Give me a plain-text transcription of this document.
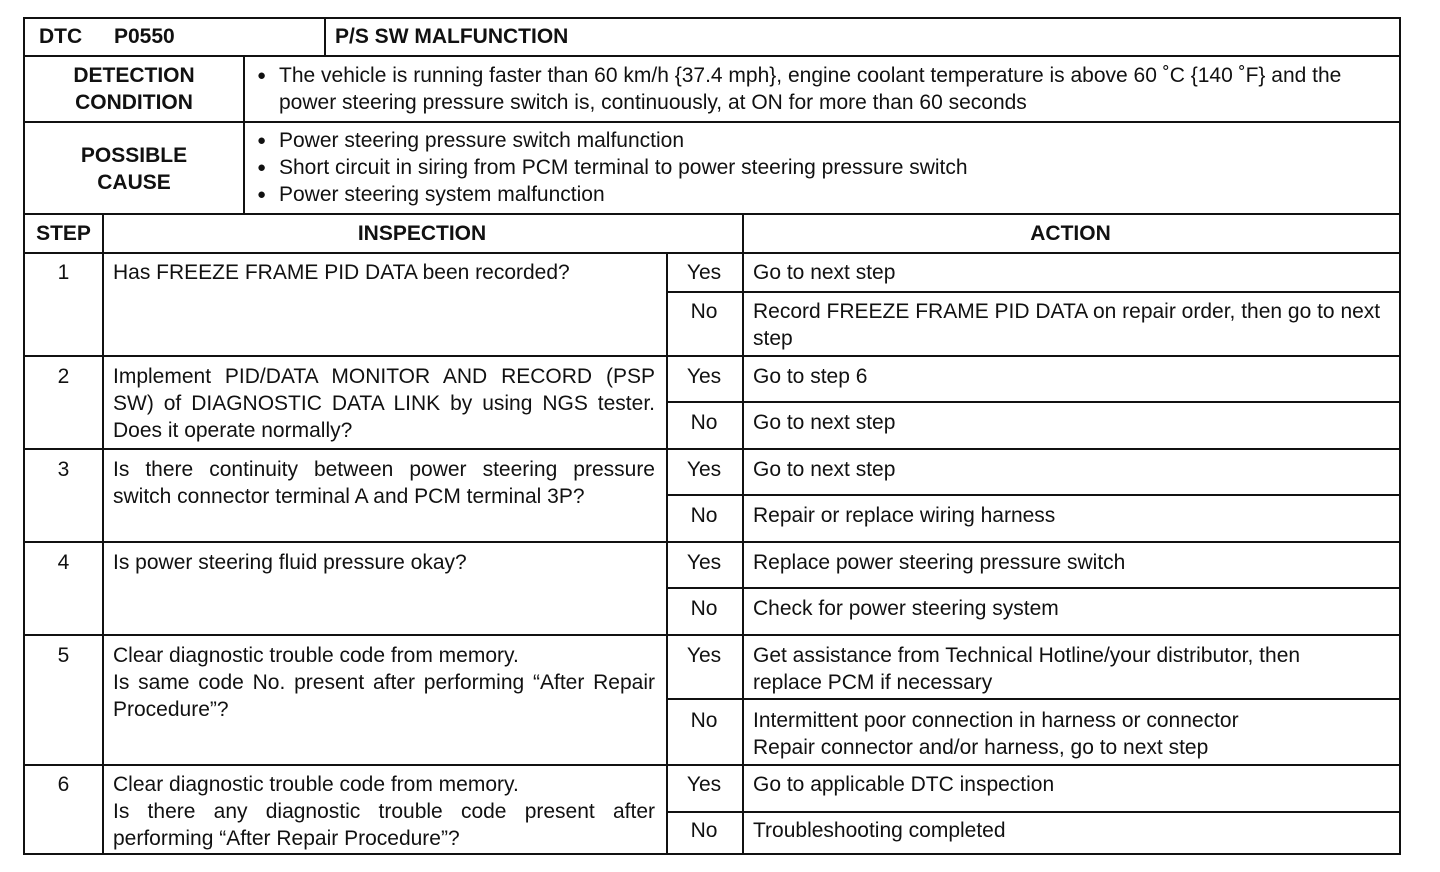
DTC P0550	P/S SW MALFUNCTION
DETECTION
CONDITION
● The vehicle is running faster than 60 km/h {37.4 mph}, engine coolant temperature is above 60 ˚C {140 ˚F} and the power steering pressure switch is, continuously, at ON for more than 60 seconds
POSSIBLE
CAUSE
● Power steering pressure switch malfunction
● Short circuit in siring from PCM terminal to power steering pressure switch
● Power steering system malfunction
STEP	INSPECTION	ACTION
1	Has FREEZE FRAME PID DATA been recorded?	Yes	Go to next step
No	Record FREEZE FRAME PID DATA on repair order, then go to next step
2	Implement PID/DATA MONITOR AND RECORD (PSP SW) of DIAGNOSTIC DATA LINK by using NGS tester. Does it operate normally?
Yes	Go to step 6
No	Go to next step
3	Is there continuity between power steering pressure switch connector terminal A and PCM terminal 3P?
Yes	Go to next step
No	Repair or replace wiring harness
4	Is power steering fluid pressure okay?	Yes	Replace power steering pressure switch
No	Check for power steering system
5	Clear diagnostic trouble code from memory.
Is same code No. present after performing “After Repair Procedure”?
Yes	Get assistance from Technical Hotline/your distributor, then replace PCM if necessary
No	Intermittent poor connection in harness or connector
Repair connector and/or harness, go to next step
6	Clear diagnostic trouble code from memory.
Is there any diagnostic trouble code present after performing “After Repair Procedure”?
Yes	Go to applicable DTC inspection
No	Troubleshooting completed
